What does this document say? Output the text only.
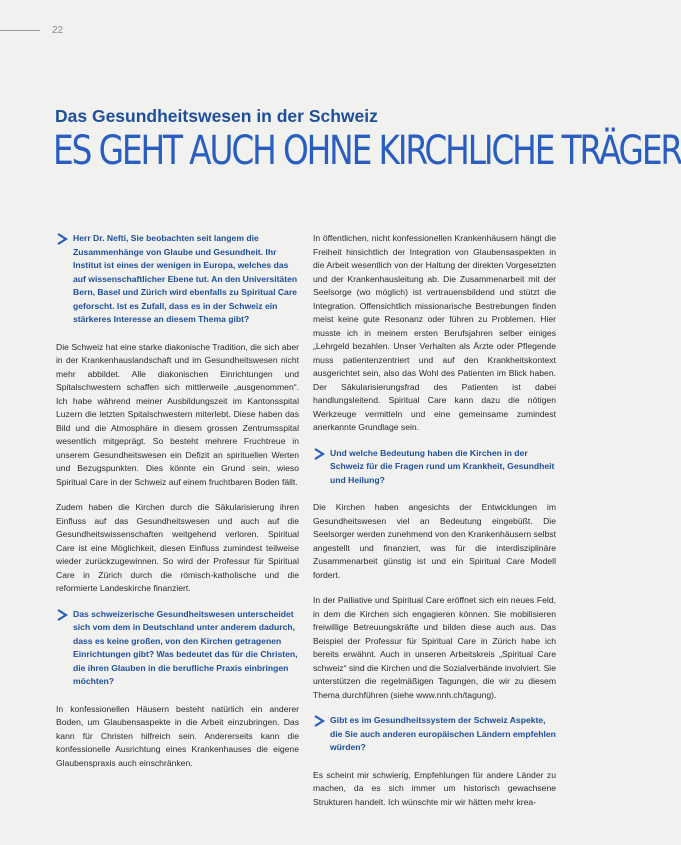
22
Das Gesundheitswesen in der Schweiz
ES GEHT AUCH OHNE KIRCHLICHE TRÄGER
Herr Dr. Nefti, Sie beobachten seit langem die Zusammenhänge von Glaube und Gesundheit. Ihr Institut ist eines der wenigen in Europa, welches das auf wissenschaftlicher Ebene tut. An den Universitäten Bern, Basel und Zürich wird ebenfalls zu Spiritual Care geforscht. Ist es Zufall, dass es in der Schweiz ein stärkeres Interesse an diesem Thema gibt?
Die Schweiz hat eine starke diakonische Tradition, die sich aber in der Krankenhauslandschaft und im Gesundheitswesen nicht mehr abbildet. Alle diakonischen Einrichtungen und Spitalschwestern schaffen sich mittlerweile „ausgenommen“. Ich habe während meiner Ausbildungszeit im Kantonsspital Luzern die letzten Spitalschwestern miterlebt. Diese haben das Bild und die Atmosphäre in diesem grossen Zentrumsspital wesentlich mitgeprägt. So besteht mehrere Fruchtreue in unserem Gesundheitswesen ein Defizit an spirituellen Werten und Bezugspunkten. Dies könnte ein Grund sein, wieso Spiritual Care in der Schweiz auf einem fruchtbaren Boden fällt.
Zudem haben die Kirchen durch die Säkularisierung ihren Einfluss auf das Gesundheitswesen und auch auf die Gesundheitswissenschaften weitgehend verloren. Spiritual Care ist eine Möglichkeit, diesen Einfluss zumindest teilweise wieder zurückzugewinnen. So wird der Professur für Spiritual Care in Zürich durch die römisch-katholische und die reformierte Landeskirche finanziert.
Das schweizerische Gesundheitswesen unterscheidet sich vom dem in Deutschland unter anderem dadurch, dass es keine großen, von den Kirchen getragenen Einrichtungen gibt? Was bedeutet das für die Christen, die ihren Glauben in die berufliche Praxis einbringen möchten?
In konfessionellen Häusern besteht natürlich ein anderer Boden, um Glaubensaspekte in die Arbeit einzubringen. Das kann für Christen hilfreich sein. Andererseits kann die konfessionelle Ausrichtung eines Krankenhauses die eigene Glaubenspraxis auch einschränken.
In öffentlichen, nicht konfessionellen Krankenhäusern hängt die Freiheit hinsichtlich der Integration von Glaubensaspekten in die Arbeit wesentlich von der Haltung der direkten Vorgesetzten und der Krankenhausleitung ab. Die Zusammenarbeit mit der Seelsorge (wo möglich) ist vertrauensbildend und stützt die Integration. Offensichtlich missionarische Bestrebungen finden meist keine gute Resonanz oder führen zu Problemen. Hier musste ich in meinem ersten Berufsjahren selber einiges „Lehrgeld bezahlen. Unser Verhalten als Ärzte oder Pflegende muss patientenzentriert und auf den Krankheitskontext ausgerichtet sein, also das Wohl des Patienten im Blick haben. Der Säkularisierungsfrad des Patienten ist dabei handlungsleitend. Spiritual Care kann dazu die nötigen Werkzeuge vermitteln und eine gemeinsame zumindest anerkannte Grundlage sein.
Und welche Bedeutung haben die Kirchen in der Schweiz für die Fragen rund um Krankheit, Gesundheit und Heilung?
Die Kirchen haben angesichts der Entwicklungen im Gesundheitswesen viel an Bedeutung eingebüßt. Die Seelsorger werden zunehmend von den Krankenhäusern selbst angestellt und finanziert, was für die interdisziplinäre Zusammenarbeit günstig ist und ein Spiritual Care Modell fordert.
In der Palliative und Spiritual Care eröffnet sich ein neues Feld, in dem die Kirchen sich engagieren können. Sie mobilisieren freiwillige Betreuungskräfte und bilden diese auch aus. Das Beispiel der Professur für Spiritual Care in Zürich habe ich bereits erwähnt. Auch in unseren Arbeitskreis „Spiritual Care schweiz“ sind die Kirchen und die Sozialverbände involviert. Sie unterstützen die regelmäßigen Tagungen, die wir zu diesem Thema durchführen (siehe www.nnh.ch/tagung).
Gibt es im Gesundheitssystem der Schweiz Aspekte, die Sie auch anderen europäischen Ländern empfehlen würden?
Es scheint mir schwierig, Empfehlungen für andere Länder zu machen, da es sich immer um historisch gewachsene Strukturen handelt. Ich wünschte mir wir hätten mehr krea-
